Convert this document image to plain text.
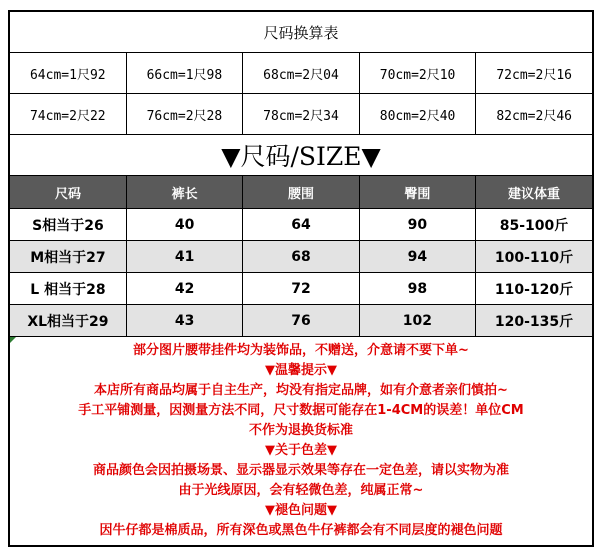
尺码换算表
64cm=1尺92	66cm=1尺98	68cm=2尺04	70cm=2尺10	72cm=2尺16
74cm=2尺22	76cm=2尺28	78cm=2尺34	80cm=2尺40	82cm=2尺46
▼尺码/SIZE▼
尺码	裤长	腰围	臀围	建议体重
S相当于26	40	64	90	85-100斤
M相当于27	41	68	94	100-110斤
L 相当于28	42	72	98	110-120斤
XL相当于29	43	76	102	120-135斤
部分图片腰带挂件均为装饰品，不赠送，介意请不要下单~
▼温馨提示▼
本店所有商品均属于自主生产，均没有指定品牌，如有介意者亲们慎拍~
手工平铺测量，因测量方法不同，尺寸数据可能存在1-4CM的误差！单位CM
不作为退换货标准
▼关于色差▼
商品颜色会因拍摄场景、显示器显示效果等存在一定色差，请以实物为准
由于光线原因，会有轻微色差，纯属正常~
▼褪色问题▼
因牛仔都是棉质品，所有深色或黑色牛仔裤都会有不同层度的褪色问题
